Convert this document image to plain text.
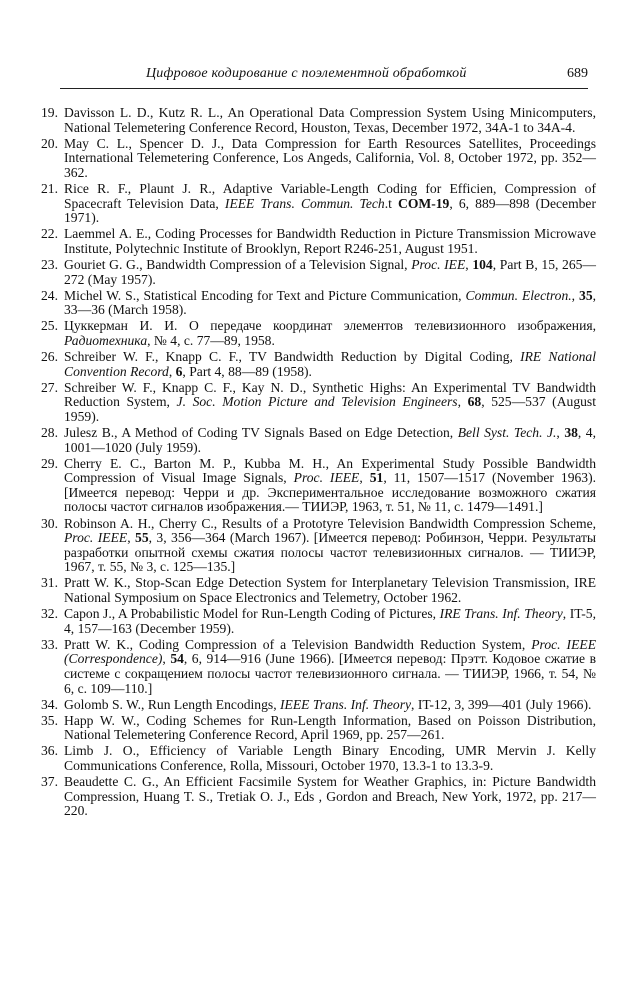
Цифровое кодирование с поэлементной обработкой	689
19. Davisson L. D., Kutz R. L., An Operational Data Compression System Using Minicomputers, National Telemetering Conference Record, Houston, Texas, December 1972, 34A-1 to 34A-4.
20. May C. L., Spencer D. J., Data Compression for Earth Resources Satellites, Proceedings International Telemetering Conference, Los Angeds, California, Vol. 8, October 1972, pp. 352—362.
21. Rice R. F., Plaunt J. R., Adaptive Variable-Length Coding for Efficien, Compression of Spacecraft Television Data, IEEE Trans. Commun. Tech.t COM-19, 6, 889—898 (December 1971).
22. Laemmel A. E., Coding Processes for Bandwidth Reduction in Picture Transmission Microwave Institute, Polytechnic Institute of Brooklyn, Report R246-251, August 1951.
23. Gouriet G. G., Bandwidth Compression of a Television Signal, Proc. IEE, 104, Part B, 15, 265—272 (May 1957).
24. Michel W. S., Statistical Encoding for Text and Picture Communication, Commun. Electron., 35, 33—36 (March 1958).
25. Цуккерман И. И. О передаче координат элементов телевизионного изображения, Радиотехника, № 4, с. 77—89, 1958.
26. Schreiber W. F., Knapp C. F., TV Bandwidth Reduction by Digital Coding, IRE National Convention Record, 6, Part 4, 88—89 (1958).
27. Schreiber W. F., Knapp C. F., Kay N. D., Synthetic Highs: An Experimental TV Bandwidth Reduction System, J. Soc. Motion Picture and Television Engineers, 68, 525—537 (August 1959).
28. Julesz B., A Method of Coding TV Signals Based on Edge Detection, Bell Syst. Tech. J., 38, 4, 1001—1020 (July 1959).
29. Cherry E. C., Barton M. P., Kubba M. H., An Experimental Study Possible Bandwidth Compression of Visual Image Signals, Proc. IEEE, 51, 11, 1507—1517 (November 1963). [Имеется перевод: Черри и др. Экспериментальное исследование возможного сжатия полосы частот сигналов изображения.— ТИИЭР, 1963, т. 51, № 11, с. 1479—1491.]
30. Robinson A. H., Cherry C., Results of a Prototyre Television Bandwidth Compression Scheme, Proc. IEEE, 55, 3, 356—364 (March 1967). [Имеется перевод: Робинзон, Черри. Результаты разработки опытной схемы сжатия полосы частот телевизионных сигналов. — ТИИЭР, 1967, т. 55, № 3, с. 125—135.]
31. Pratt W. K., Stop-Scan Edge Detection System for Interplanetary Television Transmission, IRE National Symposium on Space Electronics and Telemetry, October 1962.
32. Capon J., A Probabilistic Model for Run-Length Coding of Pictures, IRE Trans. Inf. Theory, IT-5, 4, 157—163 (December 1959).
33. Pratt W. K., Coding Compression of a Television Bandwidth Reduction System, Proc. IEEE (Correspondence), 54, 6, 914—916 (June 1966). [Имеется перевод: Прэтт. Кодовое сжатие в системе с сокращением полосы частот телевизионного сигнала. — ТИИЭР, 1966, т. 54, № 6, с. 109—110.]
34. Golomb S. W., Run Length Encodings, IEEE Trans. Inf. Theory, IT-12, 3, 399—401 (July 1966).
35. Happ W. W., Coding Schemes for Run-Length Information, Based on Poisson Distribution, National Telemetering Conference Record, April 1969, pp. 257—261.
36. Limb J. O., Efficiency of Variable Length Binary Encoding, UMR Mervin J. Kelly Communications Conference, Rolla, Missouri, October 1970, 13.3-1 to 13.3-9.
37. Beaudette C. G., An Efficient Facsimile System for Weather Graphics, in: Picture Bandwidth Compression, Huang T. S., Tretiak O. J., Eds , Gordon and Breach, New York, 1972, pp. 217—220.
